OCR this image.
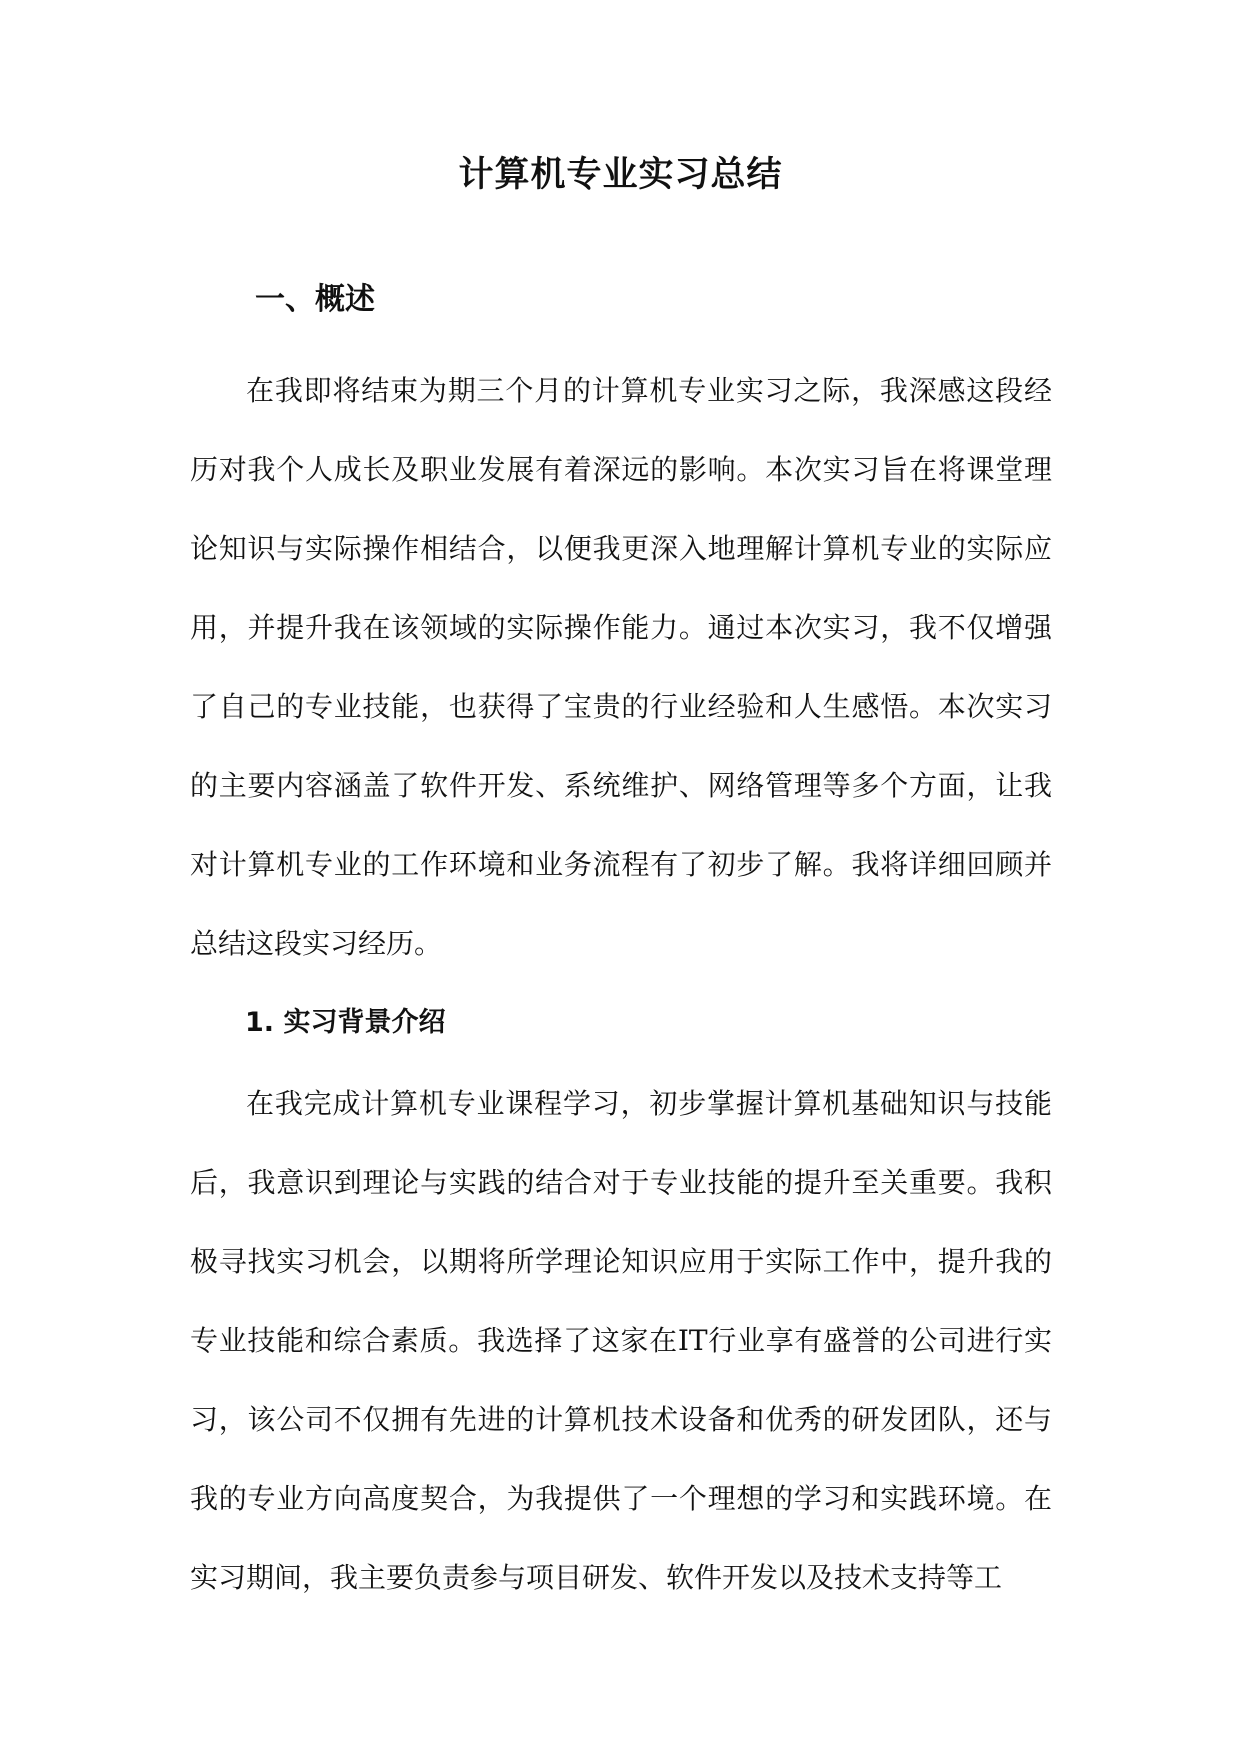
计算机专业实习总结
一、概述

在我即将结束为期三个月的计算机专业实习之际，我深感这段经历对我个人成长及职业发展有着深远的影响。本次实习旨在将课堂理论知识与实际操作相结合，以便我更深入地理解计算机专业的实际应用，并提升我在该领域的实际操作能力。通过本次实习，我不仅增强了自己的专业技能，也获得了宝贵的行业经验和人生感悟。本次实习的主要内容涵盖了软件开发、系统维护、网络管理等多个方面，让我对计算机专业的工作环境和业务流程有了初步了解。我将详细回顾并总结这段实习经历。

1. 实习背景介绍

在我完成计算机专业课程学习，初步掌握计算机基础知识与技能后，我意识到理论与实践的结合对于专业技能的提升至关重要。我积极寻找实习机会，以期将所学理论知识应用于实际工作中，提升我的专业技能和综合素质。我选择了这家在IT行业享有盛誉的公司进行实习，该公司不仅拥有先进的计算机技术设备和优秀的研发团队，还与我的专业方向高度契合，为我提供了一个理想的学习和实践环境。在实习期间，我主要负责参与项目研发、软件开发以及技术支持等工
